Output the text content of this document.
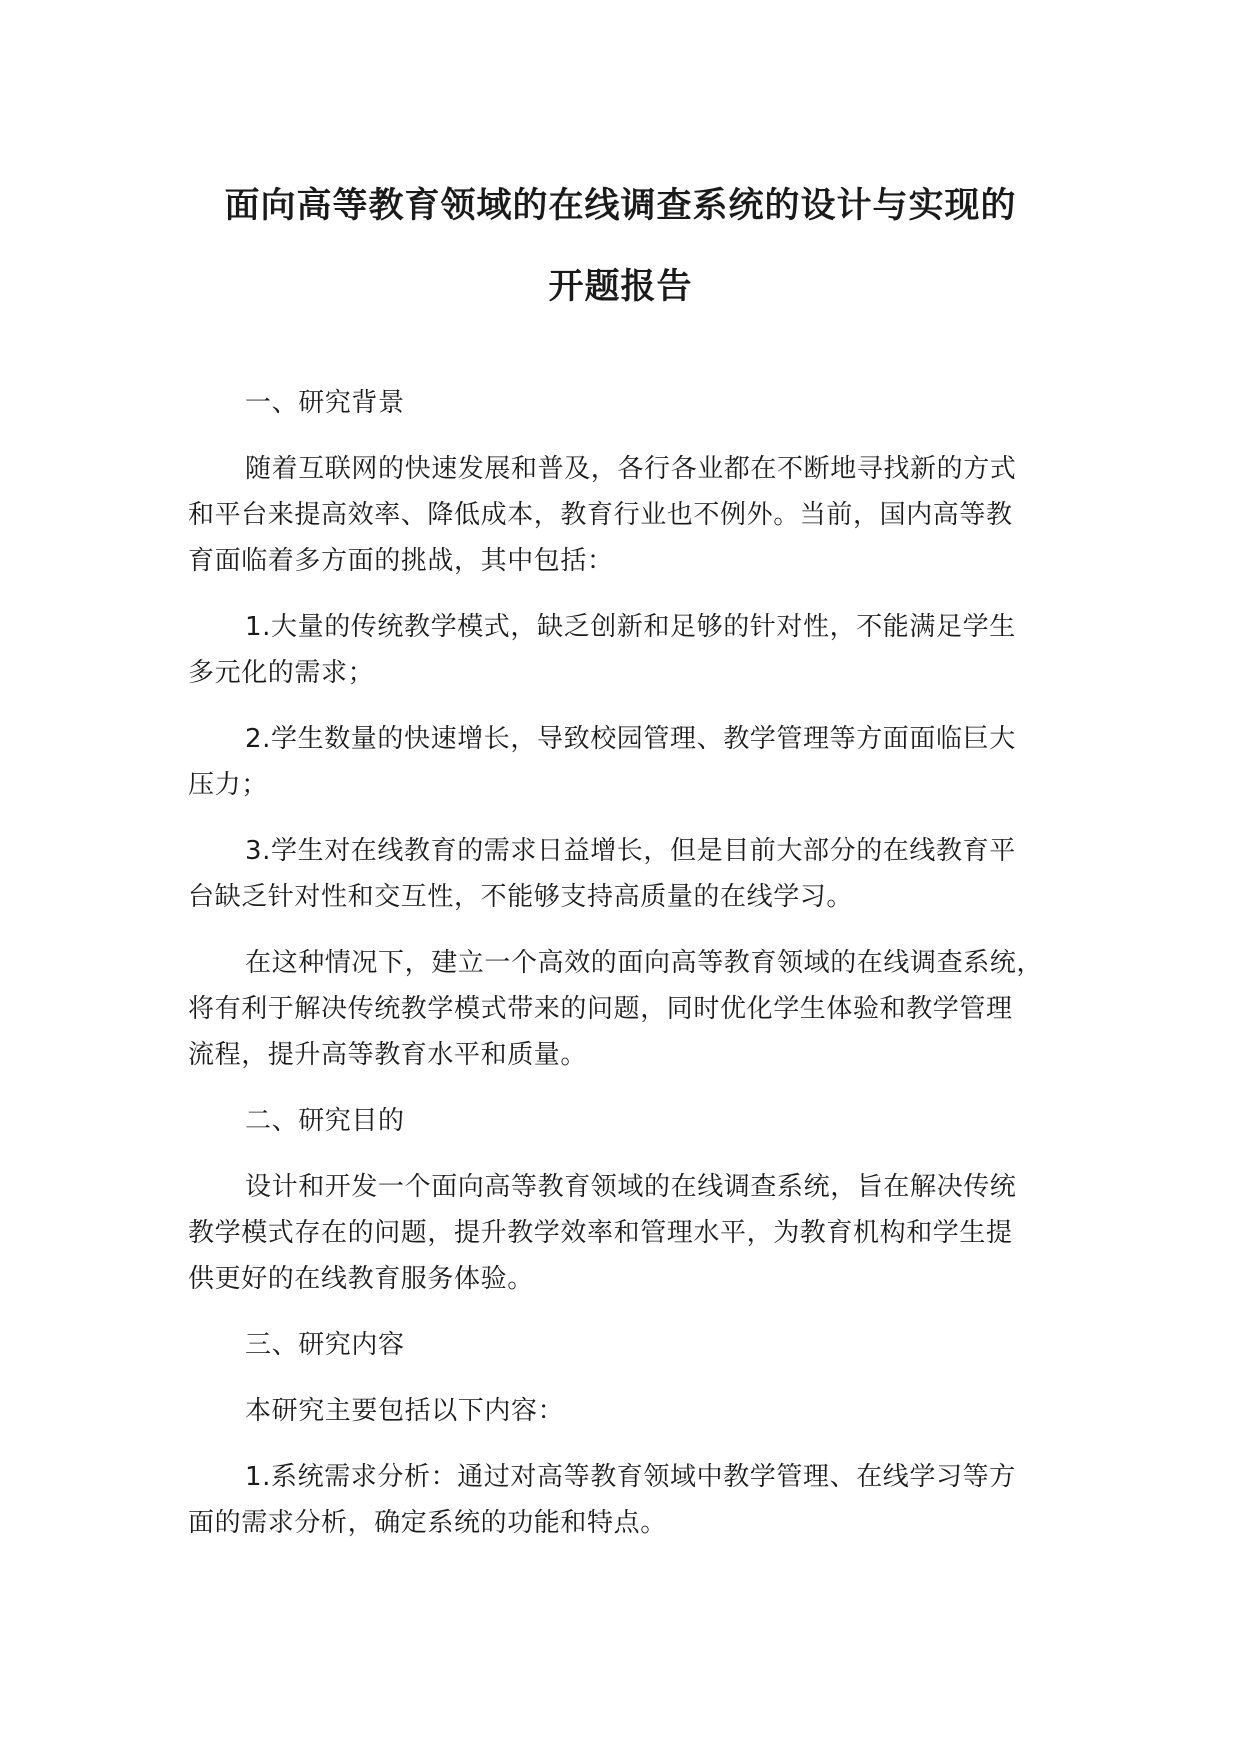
面向高等教育领域的在线调查系统的设计与实现的
开题报告

一、研究背景

随着互联网的快速发展和普及，各行各业都在不断地寻找新的方式
和平台来提高效率、降低成本，教育行业也不例外。当前，国内高等教
育面临着多方面的挑战，其中包括：

1.大量的传统教学模式，缺乏创新和足够的针对性，不能满足学生
多元化的需求；

2.学生数量的快速增长，导致校园管理、教学管理等方面面临巨大
压力；

3.学生对在线教育的需求日益增长，但是目前大部分的在线教育平
台缺乏针对性和交互性，不能够支持高质量的在线学习。

在这种情况下，建立一个高效的面向高等教育领域的在线调查系统，
将有利于解决传统教学模式带来的问题，同时优化学生体验和教学管理
流程，提升高等教育水平和质量。

二、研究目的

设计和开发一个面向高等教育领域的在线调查系统，旨在解决传统
教学模式存在的问题，提升教学效率和管理水平，为教育机构和学生提
供更好的在线教育服务体验。

三、研究内容

本研究主要包括以下内容：

1.系统需求分析：通过对高等教育领域中教学管理、在线学习等方
面的需求分析，确定系统的功能和特点。
